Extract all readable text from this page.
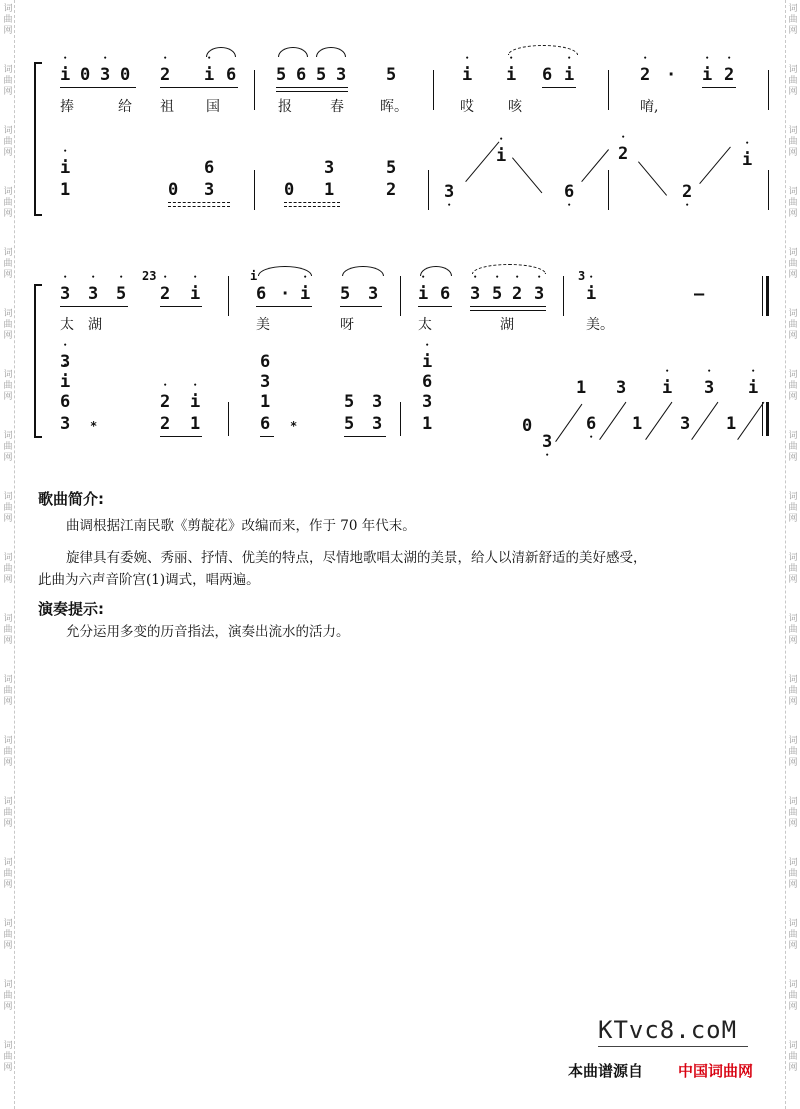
词	词
曲	曲
网	网
词	词
曲	曲
网	网
词	词
曲	曲
网	网
词	词
曲	曲
网	网
词	词
曲	曲
网	网
词	词
曲	曲
网	网
词	词
曲	曲
网	网
词	词
曲	曲
网	网
词	词
曲	曲
网	网
词	词
曲	曲
网	网
词	词
曲	曲
网	网
词	词
曲	曲
网	网
词	词
曲	曲
网	网
词	词
曲	曲
网	网
词	词
曲	曲
网	网
词	词
曲	曲
网	网
词	词
曲	曲
网	网
词	词
曲	曲
网	网
• i 0 • 3 0 • 2 • i 6 5 6 5 3 5	• i • i 6 • i	• 2 · • i • 2
捧	给 祖 国	报	春	晖。	哎 咳	唷,
• i
1
6
0 3
3
0 1
5
2	3 •
• i
6 •
• 2
2 •
• i
23	i	3
• 3 • 3 • 5 • 2 • i	6 · • i 5 3 • i 6 • 3 • 5 • 2 • 3 • i	–
太 湖	美	呀	太	湖	美。
• 3
• i
6
3 *
• 2 • i
2 1
6
3
1
6 *
5 3
5 3
• i
6
3
1	0
3 •
6 • 1 3 1
1 3 • i • 3 • i
歌曲简介:
曲调根据江南民歌《剪靛花》改编而来，作于 70 年代末。
旋律具有委婉、秀丽、抒情、优美的特点，尽情地歌唱太湖的美景，给人以清新舒适的美好感受，
此曲为六声音阶宫(1)调式，唱两遍。
演奏提示:
允分运用多变的历音指法，演奏出流水的活力。
KTvc8.coM
本曲谱源自 中国词曲网
